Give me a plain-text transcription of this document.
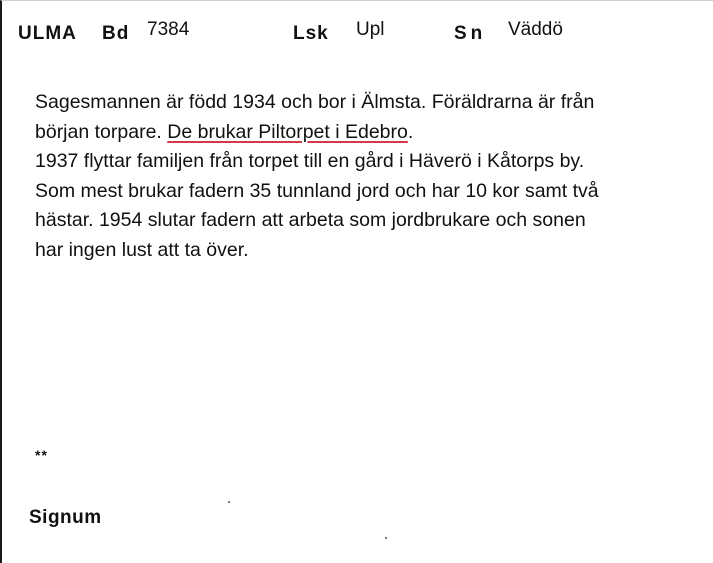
ULMA Bd 7384	Lsk Upl	Sn Väddö

Sagesmannen är född 1934 och bor i Älmsta. Föräldrarna är från

början torpare. De brukar Piltorpet i Edebro.

1937 flyttar familjen från torpet till en gård i Häverö i Kåtorps by.

Som mest brukar fadern 35 tunnland jord och har 10 kor samt två

hästar. 1954 slutar fadern att arbeta som jordbrukare och sonen

har ingen lust att ta över.

**
Signum
